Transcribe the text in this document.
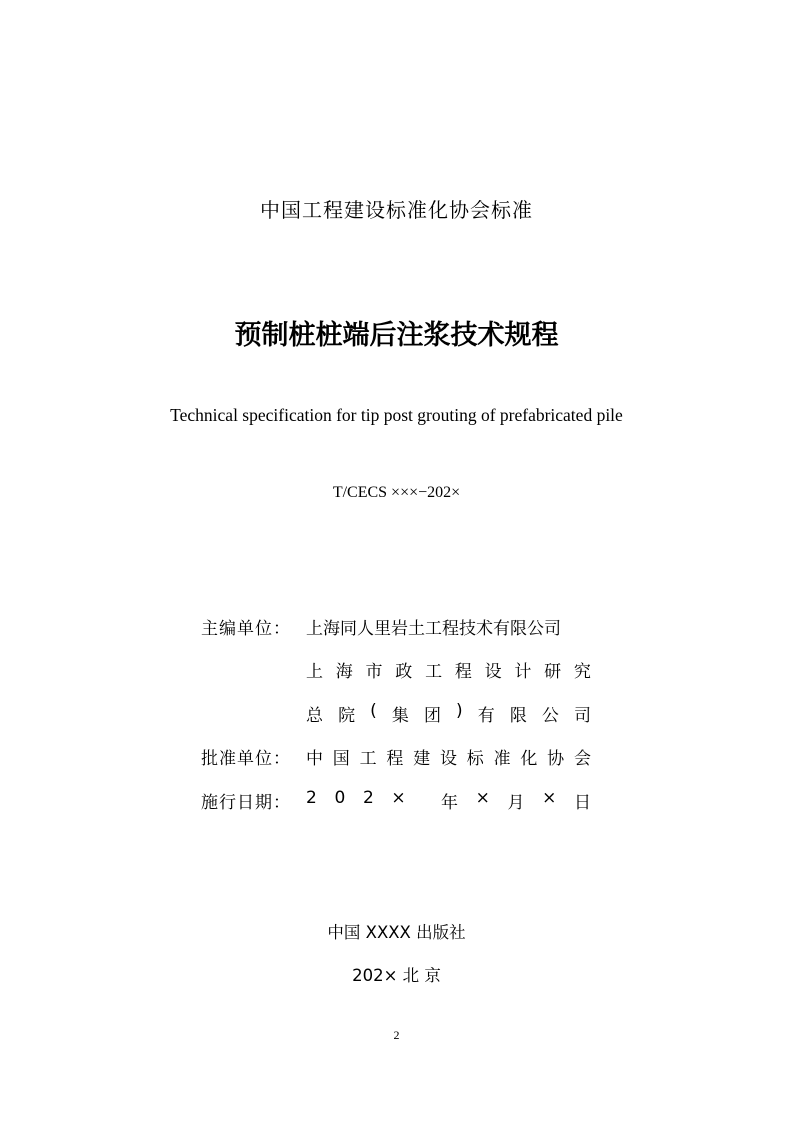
中国工程建设标准化协会标准
预制桩桩端后注浆技术规程
Technical specification for tip post grouting of prefabricated pile
T/CECS ×××−202×
主编单位： 上海同人里岩土工程技术有限公司
上 海 市 政 工 程 设 计 研 究
总 院 ( 集 团 ) 有 限 公 司
批准单位： 中 国 工 程 建 设 标 准 化 协 会
施行日期： 2 0 2 × 年 × 月 × 日
中国 XXXX 出版社
202× 北 京
2
